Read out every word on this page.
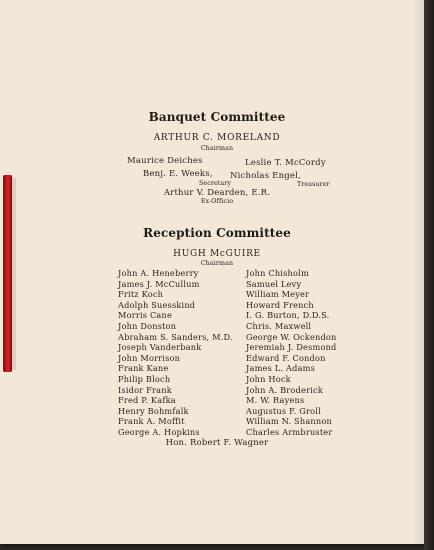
Banquet Committee
ARTHUR C. MORELAND
Chairman
Maurice Deiches	Leslie T. McCordy
Benj. E. Weeks,
Secretary
Nicholas Engel,
Treasurer
Arthur V. Dearden, E.R.
Ex-Officio
Reception Committee
HUGH McGUIRE
Chairman
John A. Heneberry
James J. McCullum
Fritz Koch
Adolph Suesskind
Morris Cane
John Donston
Abraham S. Sanders, M.D.
Joseph Vanderbank
John Morrison
Frank Kane
Philip Bloch
Isidor Frank
Fred P. Kafka
Henry Bohmfalk
Frank A. Moffit
George A. Hopkins
John Chisholm
Samuel Levy
William Meyer
Howard French
I. G. Burton, D.D.S.
Chris. Maxwell
George W. Ockendon
Jeremiah J. Desmond
Edward F. Condon
James L. Adams
John Hock
John A. Broderick
M. W. Rayens
Augustus F. Groll
William N. Shannon
Charles Armbruster
Hon. Robert F. Wagner
